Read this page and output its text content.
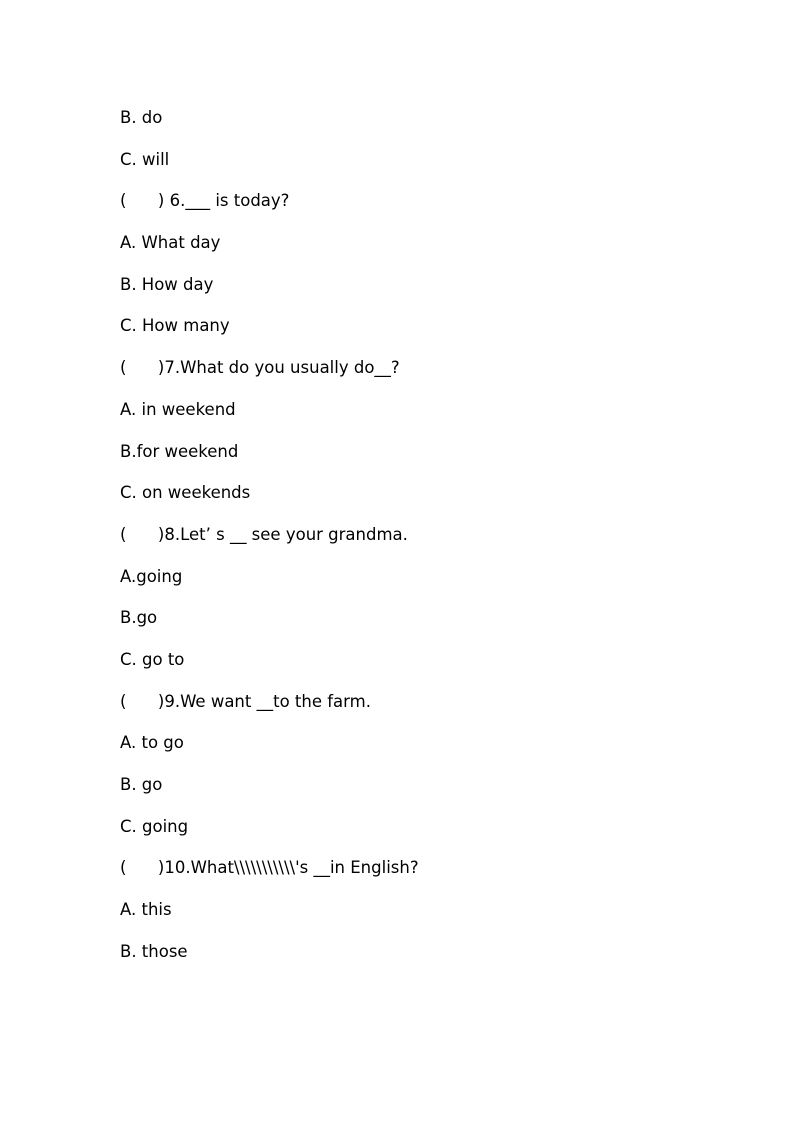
B. do
C. will
(      ) 6.___ is today?
A. What day
B. How day
C. How many
(      )7.What do you usually do__?
A. in weekend
B.for weekend
C. on weekends
(      )8.Let’ s __ see your grandma.
A.going
B.go
C. go to
(      )9.We want __to the farm.
A. to go
B. go
C. going
(      )10.What\\\\\\\\\\\'s __in English?
A. this
B. those
